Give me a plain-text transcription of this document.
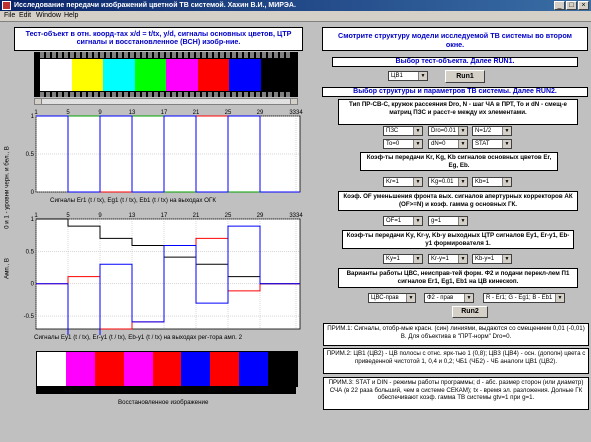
Исследование передачи изображений цветной ТВ системой. Хахин В.И., МИРЭА.	_	□	×
File Edit Window Help
Тест-объект в отн. коорд-тах x/d = t/tx, y/d, сигналы основных цветов, ЦТР сигналы и восстановленное (ВСН) изобр-ние.
0 и 1 - уровни черн. и бел., В
1	5	9	13	17	21	25	29	3334
1
0.5
0
Сигналы Er1 (t / tx), Eg1 (t / tx), Eb1 (t / tx) на выходах ОГК
Амп., В
1	5	9	13	17	21	25	29	3334
1
0.5
0
-0.5
Сигналы Ey1 (t / tx), Er-y1 (t / tx), Eb-y1 (t / tx) на выходах рег-тора амп. 2
Восстановленное изображение
Смотрите структуру модели исследуемой ТВ системы во втором окне.
Выбор тест-объекта. Далее RUN1.
ЦВ1	▼	Run1
Выбор структуры и параметров ТВ системы. Далее RUN2.
Тип ПР-СВ-С, кружок рассеяния Dro, N - шаг ЧА в ПРТ, To и dN - смещ-е матриц ПЗС и расст-е между их элементами.
ПЗС	▼	Dro=0.01 ▼	N=1/2	▼
To=0	▼	dN=0	▼	STAT	▼
Коэф-ты передачи Kr, Kg, Kb сигналов основных цветов Er, Eg, Eb.
Kr=1	▼	Kg=0.01	▼	Kb=1	▼
Коэф. OF уменьшения фронта вых. сигналов апертурных корректоров АК (OF>=N) и коэф. гамма g основных ГК.
OF=1	▼	g=1	▼
Коэф-ты передачи Ky, Kr-y, Kb-y выходных ЦТР сигналов Ey1, Er-y1, Eb-y1 формирователя 1.
Ky=1	▼	Kr-y=1	▼	Kb-y=1	▼
Варианты работы ЦВС, неисправ-тей форм. Ф2 и подачи перекл-лем П1 сигналов Er1, Eg1, Eb1 на ЦВ кинескоп.
ЦВС-прав	▼	Ф2 - прав	▼	R - Er1; G - Eg1; B - Eb1	▼
Run2
ПРИМ.1: Сигналы, отобр-мые красн. (син) линиями, выдаются со смещением 0,01 (-0,01) В. Для объектива в "ПРТ-норм" Dro=0.
ПРИМ.2: ЦВ1 (ЦВ2) - ЦВ полосы с отнс. ярк-тью 1 (0,8); ЦВ3 (ЦВ4) - осн. (дополн) цвета с приведенной чистотой 1, 0,4 и 0,2; ЧБ1 (ЧБ2) - ЧБ аналоги ЦВ1 (ЦВ2).
ПРИМ.3: STAT и DIN - режимы работы программы; d - абс. размер сторон (или диаметр) СЧА (в 22 раза больший, чем в системе СЕКАМ); tx - время эл. разложения. Долные ГК обеспечивают коэф. гамма ТВ системы gtv=1 при g=1.
